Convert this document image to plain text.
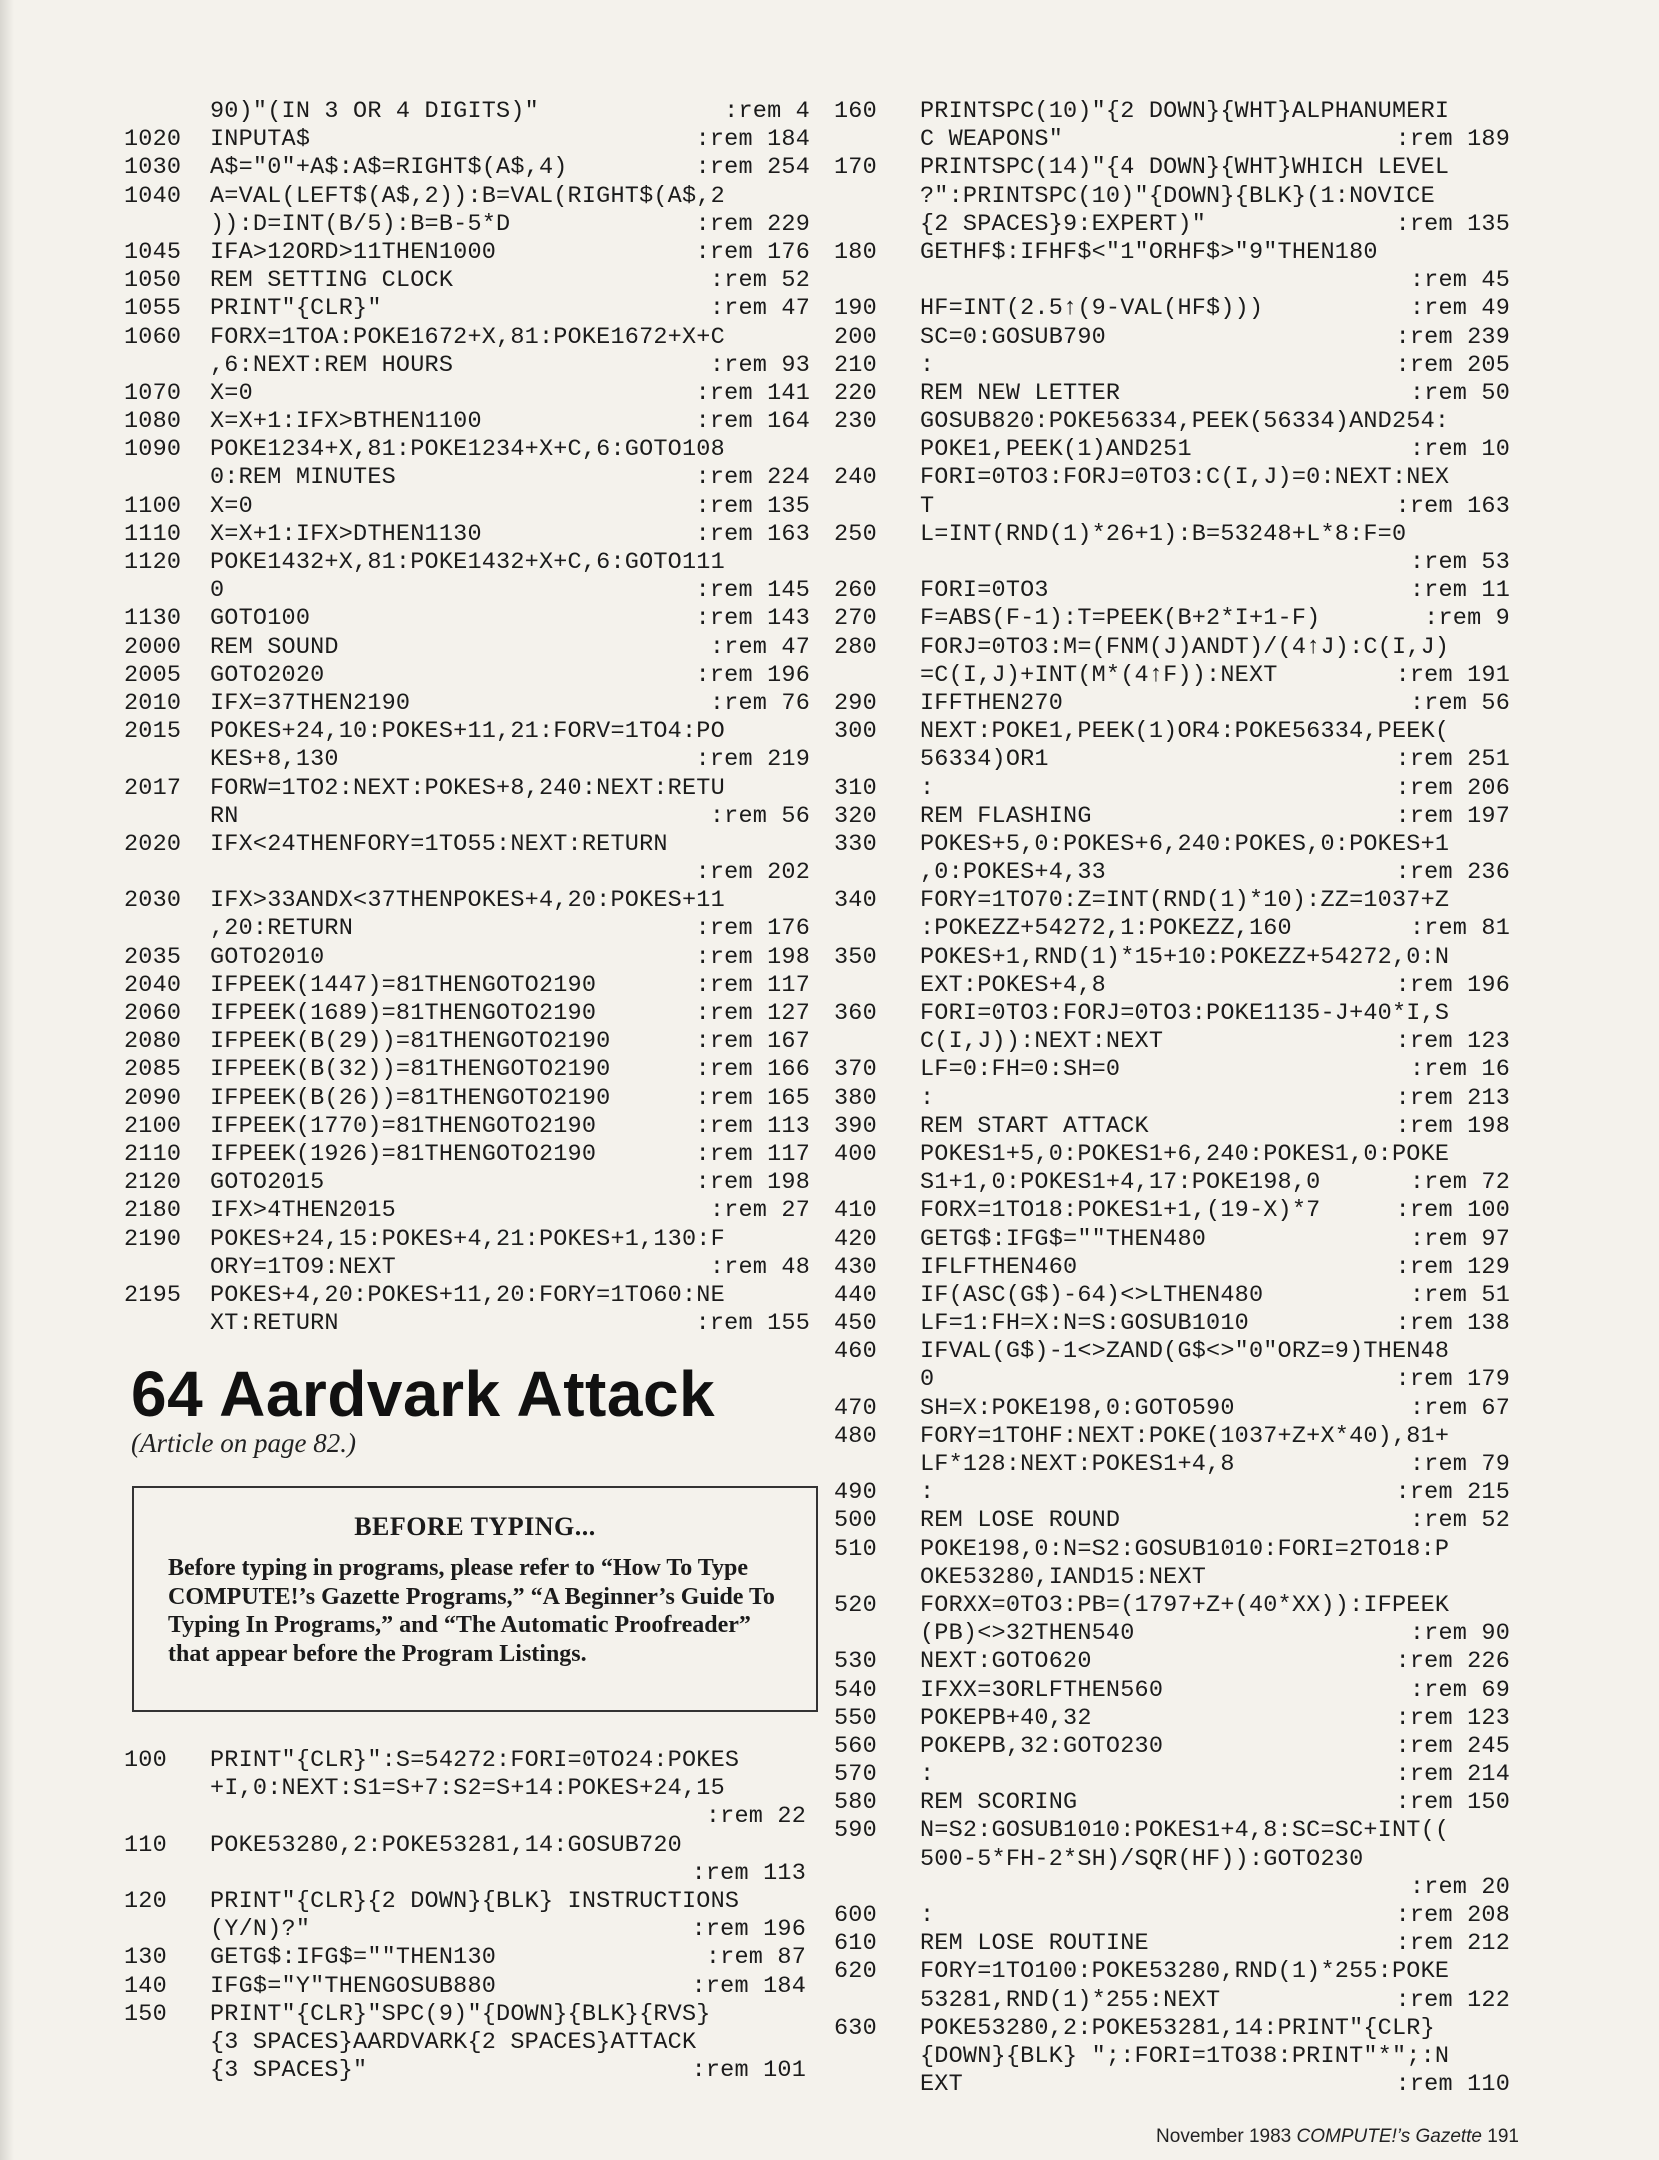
90)"(IN 3 OR 4 DIGITS)"	:rem 4
1020	INPUTA$	:rem 184
1030	A$="0"+A$:A$=RIGHT$(A$,4)	:rem 254
1040	A=VAL(LEFT$(A$,2)):B=VAL(RIGHT$(A$,2
)):D=INT(B/5):B=B-5*D	:rem 229
1045	IFA>12ORD>11THEN1000	:rem 176
1050	REM SETTING CLOCK	:rem 52
1055	PRINT"{CLR}"	:rem 47
1060	FORX=1TOA:POKE1672+X,81:POKE1672+X+C
,6:NEXT:REM HOURS	:rem 93
1070	X=0	:rem 141
1080	X=X+1:IFX>BTHEN1100	:rem 164
1090	POKE1234+X,81:POKE1234+X+C,6:GOTO108
0:REM MINUTES	:rem 224
1100	X=0	:rem 135
1110	X=X+1:IFX>DTHEN1130	:rem 163
1120	POKE1432+X,81:POKE1432+X+C,6:GOTO111
0	:rem 145
1130	GOTO100	:rem 143
2000	REM SOUND	:rem 47
2005	GOTO2020	:rem 196
2010	IFX=37THEN2190	:rem 76
2015	POKES+24,10:POKES+11,21:FORV=1TO4:PO
KES+8,130	:rem 219
2017	FORW=1TO2:NEXT:POKES+8,240:NEXT:RETU
RN	:rem 56
2020	IFX<24THENFORY=1TO55:NEXT:RETURN
:rem 202
2030	IFX>33ANDX<37THENPOKES+4,20:POKES+11
,20:RETURN	:rem 176
2035	GOTO2010	:rem 198
2040	IFPEEK(1447)=81THENGOTO2190	:rem 117
2060	IFPEEK(1689)=81THENGOTO2190	:rem 127
2080	IFPEEK(B(29))=81THENGOTO2190	:rem 167
2085	IFPEEK(B(32))=81THENGOTO2190	:rem 166
2090	IFPEEK(B(26))=81THENGOTO2190	:rem 165
2100	IFPEEK(1770)=81THENGOTO2190	:rem 113
2110	IFPEEK(1926)=81THENGOTO2190	:rem 117
2120	GOTO2015	:rem 198
2180	IFX>4THEN2015	:rem 27
2190	POKES+24,15:POKES+4,21:POKES+1,130:F
ORY=1TO9:NEXT	:rem 48
2195	POKES+4,20:POKES+11,20:FORY=1TO60:NE
XT:RETURN	:rem 155
64 Aardvark Attack
(Article on page 82.)
BEFORE TYPING...
Before typing in programs, please refer to “How To Type COMPUTE!’s Gazette Programs,” “A Beginner’s Guide To Typing In Programs,” and “The Automatic Proofreader” that appear before the Program Listings.
100	PRINT"{CLR}":S=54272:FORI=0TO24:POKES
+I,0:NEXT:S1=S+7:S2=S+14:POKES+24,15
:rem 22
110	POKE53280,2:POKE53281,14:GOSUB720
:rem 113
120	PRINT"{CLR}{2 DOWN}{BLK} INSTRUCTIONS
(Y/N)?"	:rem 196
130	GETG$:IFG$=""THEN130	:rem 87
140	IFG$="Y"THENGOSUB880	:rem 184
150	PRINT"{CLR}"SPC(9)"{DOWN}{BLK}{RVS}
{3 SPACES}AARDVARK{2 SPACES}ATTACK
{3 SPACES}"	:rem 101
160	PRINTSPC(10)"{2 DOWN}{WHT}ALPHANUMERI
C WEAPONS"	:rem 189
170	PRINTSPC(14)"{4 DOWN}{WHT}WHICH LEVEL
?":PRINTSPC(10)"{DOWN}{BLK}(1:NOVICE
{2 SPACES}9:EXPERT)"	:rem 135
180	GETHF$:IFHF$<"1"ORHF$>"9"THEN180
:rem 45
190	HF=INT(2.5↑(9-VAL(HF$)))	:rem 49
200	SC=0:GOSUB790	:rem 239
210	:	:rem 205
220	REM NEW LETTER	:rem 50
230	GOSUB820:POKE56334,PEEK(56334)AND254:
POKE1,PEEK(1)AND251	:rem 10
240	FORI=0TO3:FORJ=0TO3:C(I,J)=0:NEXT:NEX
T	:rem 163
250	L=INT(RND(1)*26+1):B=53248+L*8:F=0
:rem 53
260	FORI=0TO3	:rem 11
270	F=ABS(F-1):T=PEEK(B+2*I+1-F)	:rem 9
280	FORJ=0TO3:M=(FNM(J)ANDT)/(4↑J):C(I,J)
=C(I,J)+INT(M*(4↑F)):NEXT	:rem 191
290	IFFTHEN270	:rem 56
300	NEXT:POKE1,PEEK(1)OR4:POKE56334,PEEK(
56334)OR1	:rem 251
310	:	:rem 206
320	REM FLASHING	:rem 197
330	POKES+5,0:POKES+6,240:POKES,0:POKES+1
,0:POKES+4,33	:rem 236
340	FORY=1TO70:Z=INT(RND(1)*10):ZZ=1037+Z
:POKEZZ+54272,1:POKEZZ,160	:rem 81
350	POKES+1,RND(1)*15+10:POKEZZ+54272,0:N
EXT:POKES+4,8	:rem 196
360	FORI=0TO3:FORJ=0TO3:POKE1135-J+40*I,S
C(I,J)):NEXT:NEXT	:rem 123
370	LF=0:FH=0:SH=0	:rem 16
380	:	:rem 213
390	REM START ATTACK	:rem 198
400	POKES1+5,0:POKES1+6,240:POKES1,0:POKE
S1+1,0:POKES1+4,17:POKE198,0	:rem 72
410	FORX=1TO18:POKES1+1,(19-X)*7	:rem 100
420	GETG$:IFG$=""THEN480	:rem 97
430	IFLFTHEN460	:rem 129
440	IF(ASC(G$)-64)<>LTHEN480	:rem 51
450	LF=1:FH=X:N=S:GOSUB1010	:rem 138
460	IFVAL(G$)-1<>ZAND(G$<>"0"ORZ=9)THEN48
0	:rem 179
470	SH=X:POKE198,0:GOTO590	:rem 67
480	FORY=1TOHF:NEXT:POKE(1037+Z+X*40),81+
LF*128:NEXT:POKES1+4,8	:rem 79
490	:	:rem 215
500	REM LOSE ROUND	:rem 52
510	POKE198,0:N=S2:GOSUB1010:FORI=2TO18:P
OKE53280,IAND15:NEXT
520	FORXX=0TO3:PB=(1797+Z+(40*XX)):IFPEEK
(PB)<>32THEN540	:rem 90
530	NEXT:GOTO620	:rem 226
540	IFXX=3ORLFTHEN560	:rem 69
550	POKEPB+40,32	:rem 123
560	POKEPB,32:GOTO230	:rem 245
570	:	:rem 214
580	REM SCORING	:rem 150
590	N=S2:GOSUB1010:POKES1+4,8:SC=SC+INT((
500-5*FH-2*SH)/SQR(HF)):GOTO230
:rem 20
600	:	:rem 208
610	REM LOSE ROUTINE	:rem 212
620	FORY=1TO100:POKE53280,RND(1)*255:POKE
53281,RND(1)*255:NEXT	:rem 122
630	POKE53280,2:POKE53281,14:PRINT"{CLR}
{DOWN}{BLK} ";:FORI=1TO38:PRINT"*";:N
EXT	:rem 110
November 1983 COMPUTE!’s Gazette 191
